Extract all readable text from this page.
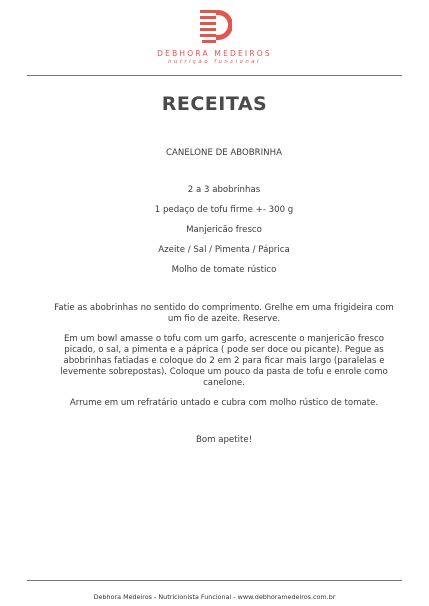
DEBHORA MEDEIROS
nutrição funcional
RECEITAS

CANELONE DE ABOBRINHA

2 a 3 abobrinhas
1 pedaço de tofu firme +- 300 g
Manjericão fresco
Azeite / Sal / Pimenta / Páprica
Molho de tomate rústico

Fatie as abobrinhas no sentido do comprimento. Grelhe em uma frigideira com um fio de azeite. Reserve.

Em um bowl amasse o tofu com um garfo, acrescente o manjericão fresco picado, o sal, a pimenta e a páprica ( pode ser doce ou picante). Pegue as abobrinhas fatiadas e coloque do 2 em 2 para ficar mais largo (paralelas e levemente sobrepostas). Coloque um pouco da pasta de tofu e enrole como canelone.

Arrume em um refratário untado e cubra com molho rústico de tomate.

Bom apetite!

Debhora Medeiros - Nutricionista Funcional - www.debhoramedeiros.com.br
